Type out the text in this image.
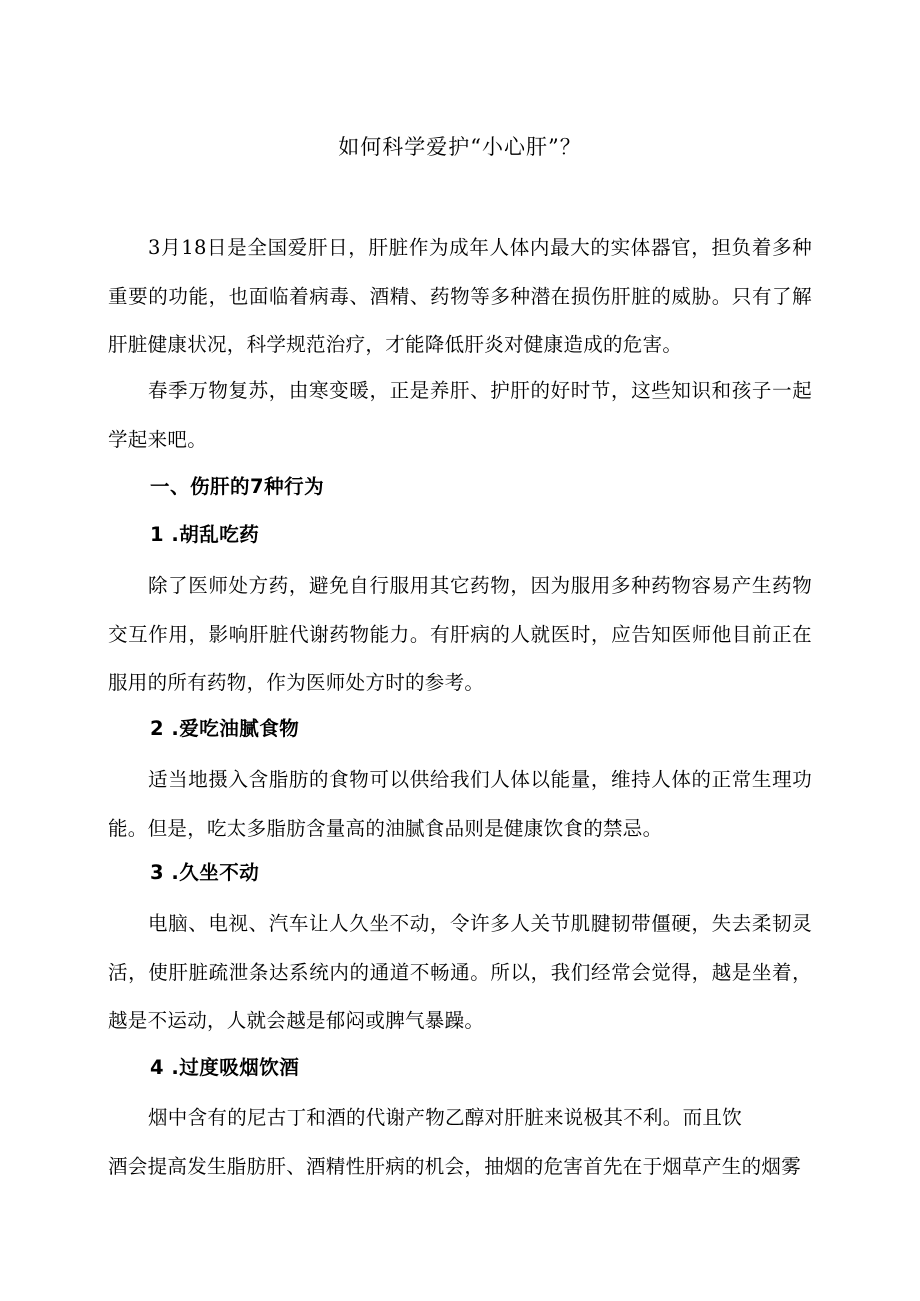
如何科学爱护“小心肝”？
3月18日是全国爱肝日，肝脏作为成年人体内最大的实体器官，担负着多种重要的功能，也面临着病毒、酒精、药物等多种潜在损伤肝脏的威胁。只有了解肝脏健康状况，科学规范治疗，才能降低肝炎对健康造成的危害。
春季万物复苏，由寒变暖，正是养肝、护肝的好时节，这些知识和孩子一起学起来吧。
一、伤肝的7种行为
1 .胡乱吃药
除了医师处方药，避免自行服用其它药物，因为服用多种药物容易产生药物交互作用，影响肝脏代谢药物能力。有肝病的人就医时，应告知医师他目前正在服用的所有药物，作为医师处方时的参考。
2 .爱吃油腻食物
适当地摄入含脂肪的食物可以供给我们人体以能量，维持人体的正常生理功能。但是，吃太多脂肪含量高的油腻食品则是健康饮食的禁忌。
3 .久坐不动
电脑、电视、汽车让人久坐不动，令许多人关节肌腱韧带僵硬，失去柔韧灵活，使肝脏疏泄条达系统内的通道不畅通。所以，我们经常会觉得，越是坐着，越是不运动，人就会越是郁闷或脾气暴躁。
4 .过度吸烟饮酒
烟中含有的尼古丁和酒的代谢产物乙醇对肝脏来说极其不利。而且饮
酒会提高发生脂肪肝、酒精性肝病的机会，抽烟的危害首先在于烟草产生的烟雾
